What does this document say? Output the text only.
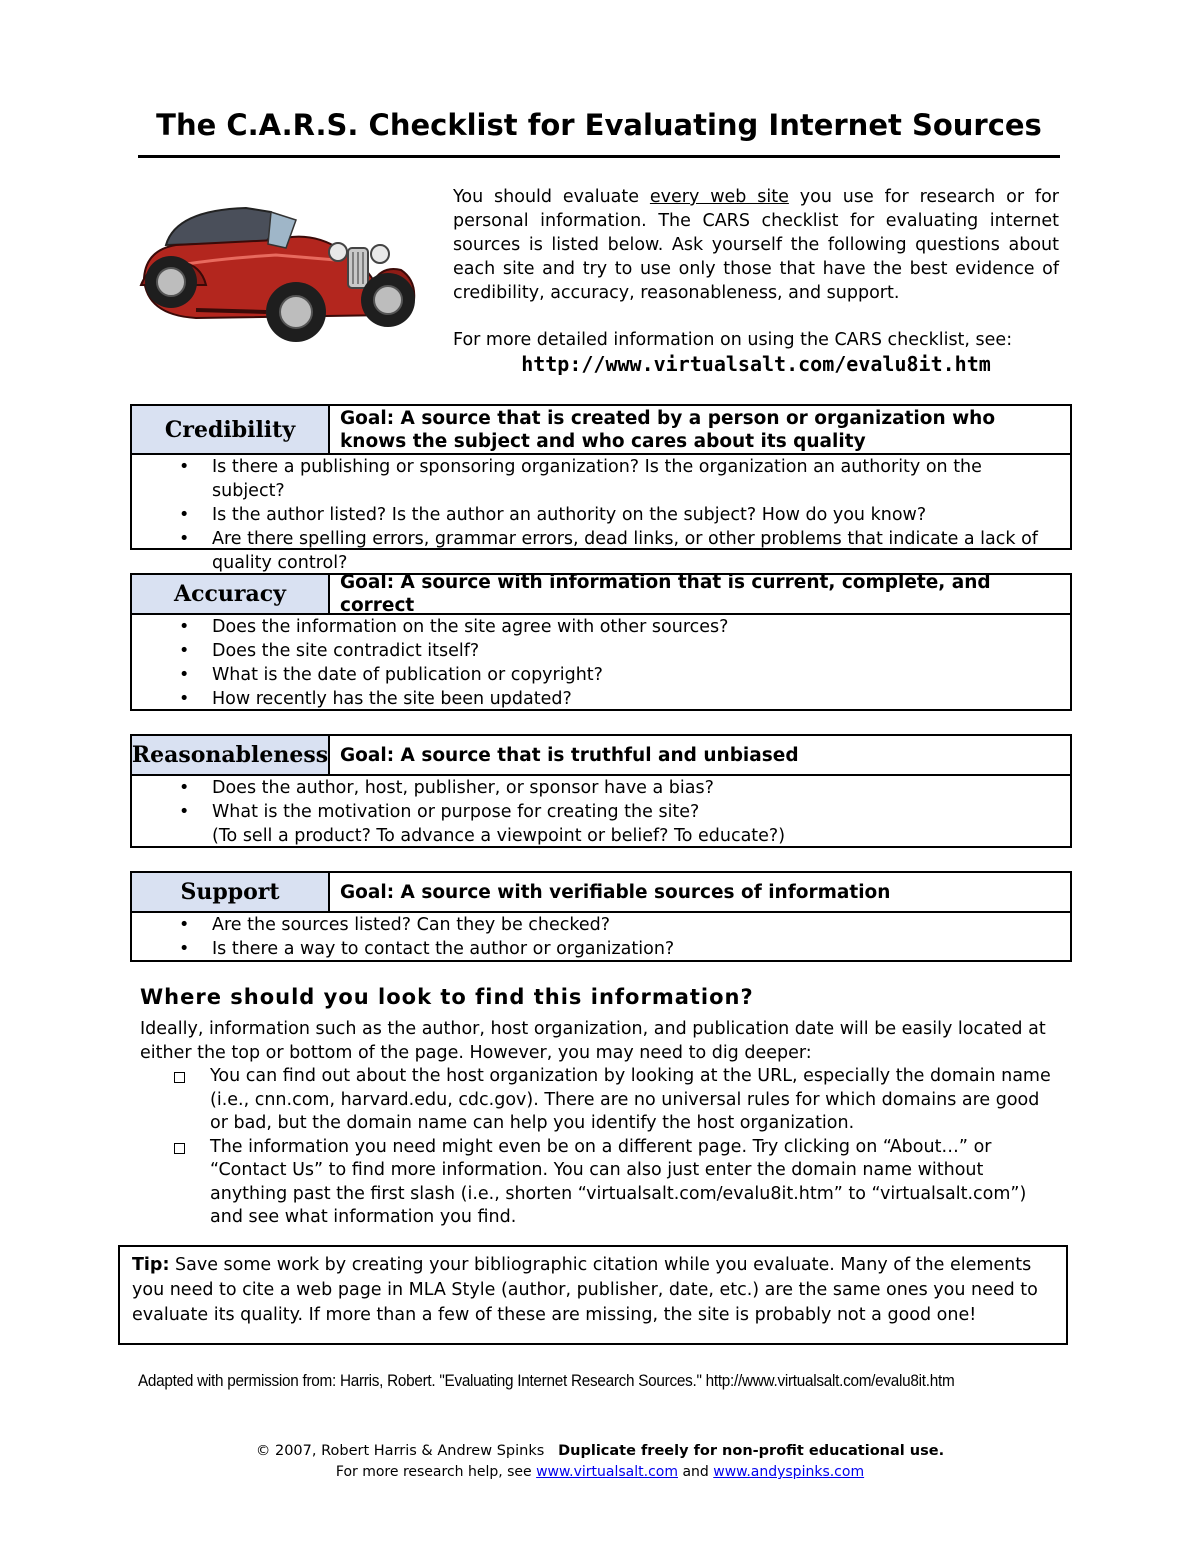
The C.A.R.S. Checklist for Evaluating Internet Sources

You should evaluate every web site you use for research or for personal information. The CARS checklist for evaluating internet sources is listed below. Ask yourself the following questions about each site and try to use only those that have the best evidence of credibility, accuracy, reasonableness, and support.

For more detailed information on using the CARS checklist, see:
http://www.virtualsalt.com/evalu8it.htm
Credibility	Goal: A source that is created by a person or organization who knows the subject and who cares about its quality
• Is there a publishing or sponsoring organization? Is the organization an authority on the subject?
• Is the author listed? Is the author an authority on the subject? How do you know?
• Are there spelling errors, grammar errors, dead links, or other problems that indicate a lack of quality control?
Accuracy	Goal: A source with information that is current, complete, and correct
• Does the information on the site agree with other sources?
• Does the site contradict itself?
• What is the date of publication or copyright?
• How recently has the site been updated?
Reasonableness Goal: A source that is truthful and unbiased
• Does the author, host, publisher, or sponsor have a bias?
• What is the motivation or purpose for creating the site?
(To sell a product? To advance a viewpoint or belief? To educate?)
Support	Goal: A source with verifiable sources of information
• Are the sources listed? Can they be checked?
• Is there a way to contact the author or organization?
Where should you look to find this information?
Ideally, information such as the author, host organization, and publication date will be easily located at either the top or bottom of the page. However, you may need to dig deeper:
You can find out about the host organization by looking at the URL, especially the domain name (i.e., cnn.com, harvard.edu, cdc.gov). There are no universal rules for which domains are good or bad, but the domain name can help you identify the host organization.
The information you need might even be on a different page. Try clicking on “About…” or “Contact Us” to find more information. You can also just enter the domain name without anything past the first slash (i.e., shorten “virtualsalt.com/evalu8it.htm” to “virtualsalt.com”) and see what information you find.
Tip: Save some work by creating your bibliographic citation while you evaluate. Many of the elements you need to cite a web page in MLA Style (author, publisher, date, etc.) are the same ones you need to evaluate its quality. If more than a few of these are missing, the site is probably not a good one!
Adapted with permission from: Harris, Robert. "Evaluating Internet Research Sources." http://www.virtualsalt.com/evalu8it.htm
© 2007, Robert Harris & Andrew Spinks Duplicate freely for non-profit educational use.
For more research help, see www.virtualsalt.com and www.andyspinks.com
